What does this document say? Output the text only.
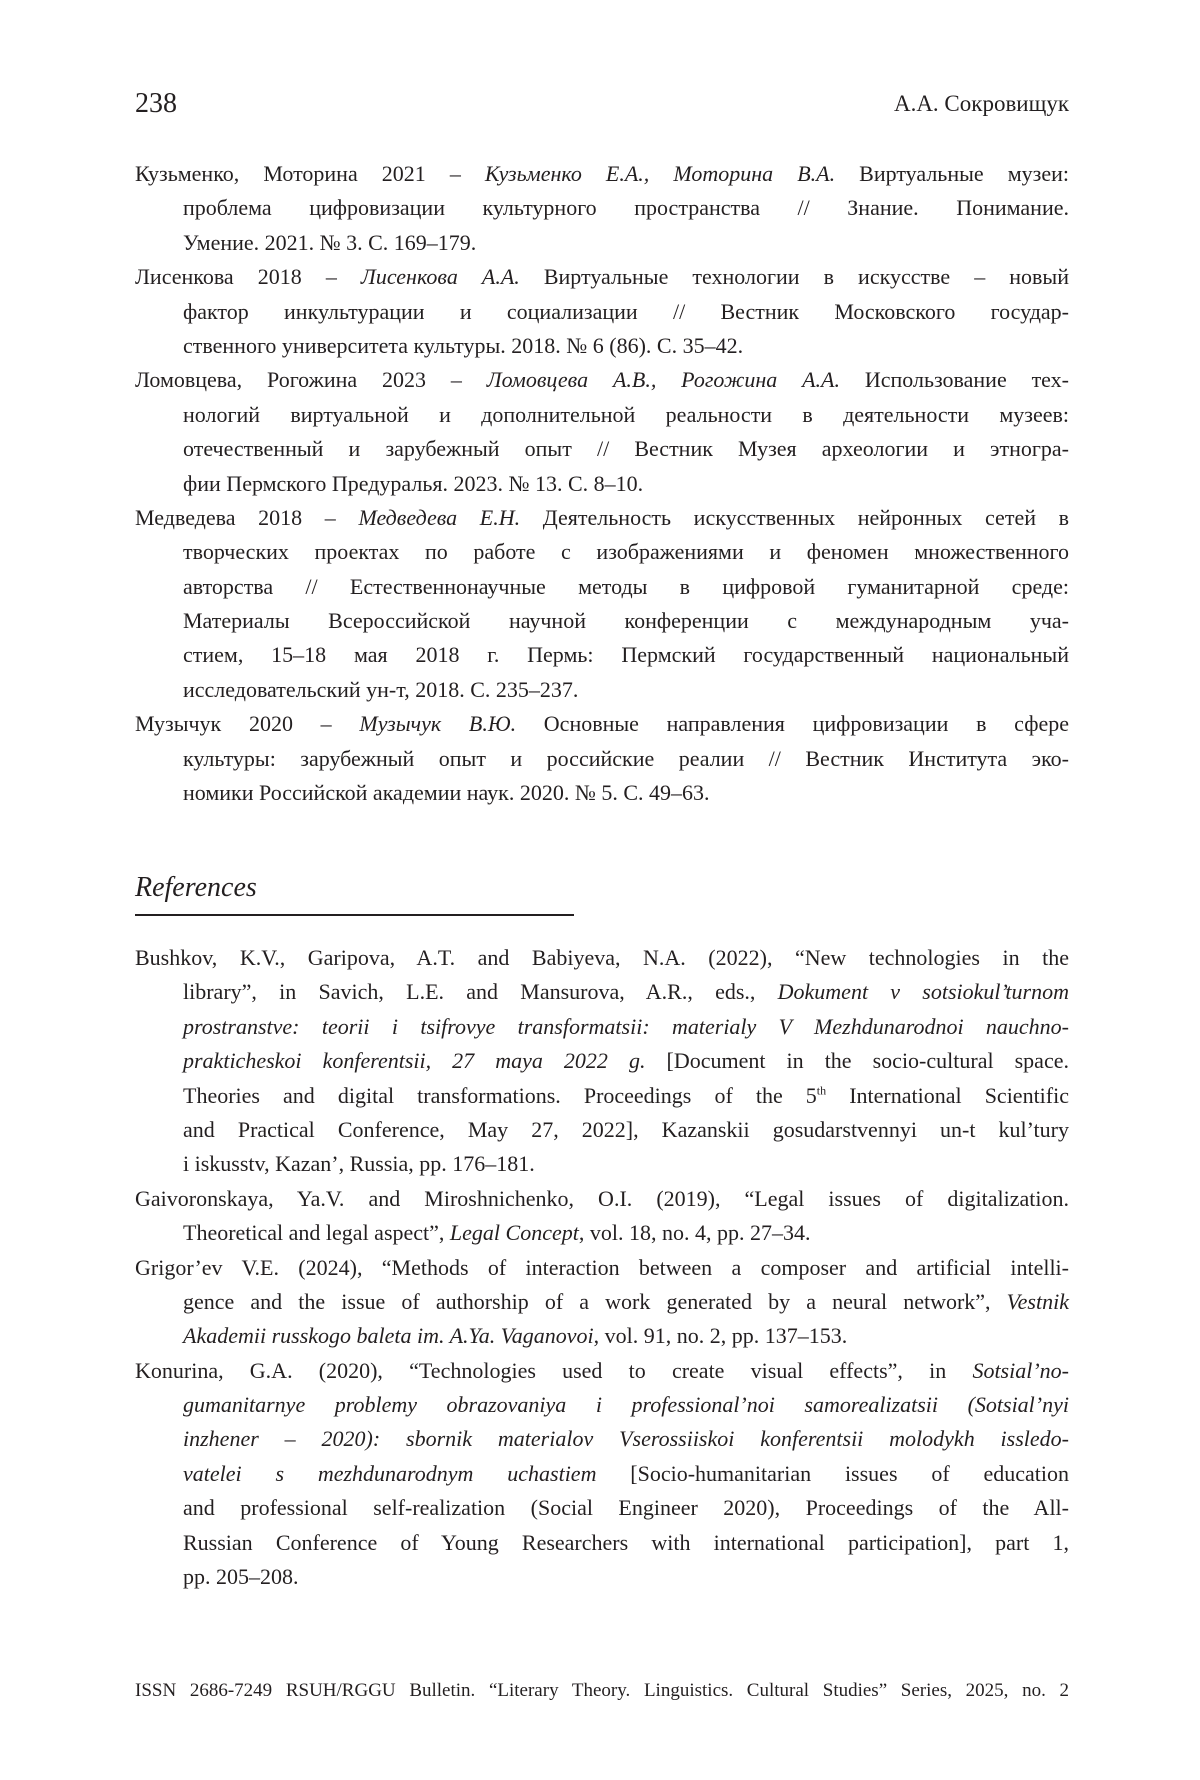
238	А.А. Сокровищук
Кузьменко, Моторина 2021 – Кузьменко Е.А., Моторина В.А. Виртуальные музеи:
проблема цифровизации культурного пространства // Знание. Понимание.
Умение. 2021. № 3. С. 169–179.
Лисенкова 2018 – Лисенкова А.А. Виртуальные технологии в искусстве – новый
фактор инкультурации и социализации // Вестник Московского государ-
ственного университета культуры. 2018. № 6 (86). С. 35–42.
Ломовцева, Рогожина 2023 – Ломовцева А.В., Рогожина А.А. Использование тех-
нологий виртуальной и дополнительной реальности в деятельности музеев:
отечественный и зарубежный опыт // Вестник Музея археологии и этногра-
фии Пермского Предуралья. 2023. № 13. С. 8–10.
Медведева 2018 – Медведева Е.Н. Деятельность искусственных нейронных сетей в
творческих проектах по работе с изображениями и феномен множественного
авторства // Естественнонаучные методы в цифровой гуманитарной среде:
Материалы Всероссийской научной конференции с международным уча-
стием, 15–18 мая 2018 г. Пермь: Пермский государственный национальный
исследовательский ун-т, 2018. С. 235–237.
Музычук 2020 – Музычук В.Ю. Основные направления цифровизации в сфере
культуры: зарубежный опыт и российские реалии // Вестник Института эко-
номики Российской академии наук. 2020. № 5. С. 49–63.
References
Bushkov, K.V., Garipova, A.T. and Babiyeva, N.A. (2022), “New technologies in the
library”, in Savich, L.E. and Mansurova, A.R., eds., Dokument v sotsiokul’turnom
prostranstve: teorii i tsifrovye transformatsii: materialy V Mezhdunarodnoi nauchno-
prakticheskoi konferentsii, 27 maya 2022 g. [Document in the socio-cultural space.
Theories and digital transformations. Proceedings of the 5th International Scientific
and Practical Conference, May 27, 2022], Kazanskii gosudarstvennyi un-t kul’tury
i iskusstv, Kazan’, Russia, pp. 176–181.
Gaivoronskaya, Ya.V. and Miroshnichenko, O.I. (2019), “Legal issues of digitalization.
Theoretical and legal aspect”, Legal Concept, vol. 18, no. 4, pp. 27–34.
Grigor’ev V.E. (2024), “Methods of interaction between a composer and artificial intelli-
gence and the issue of authorship of a work generated by a neural network”, Vestnik
Akademii russkogo baleta im. A.Ya. Vaganovoi, vol. 91, no. 2, pp. 137–153.
Konurina, G.A. (2020), “Technologies used to create visual effects”, in Sotsial’no-
gumanitarnye problemy obrazovaniya i professional’noi samorealizatsii (Sotsial’nyi
inzhener – 2020): sbornik materialov Vserossiiskoi konferentsii molodykh issledo-
vatelei s mezhdunarodnym uchastiem [Socio-humanitarian issues of education
and professional self-realization (Social Engineer 2020), Proceedings of the All-
Russian Conference of Young Researchers with international participation], part 1,
pp. 205–208.
ISSN 2686-7249 RSUH/RGGU Bulletin. “Literary Theory. Linguistics. Cultural Studies” Series, 2025, no. 2
